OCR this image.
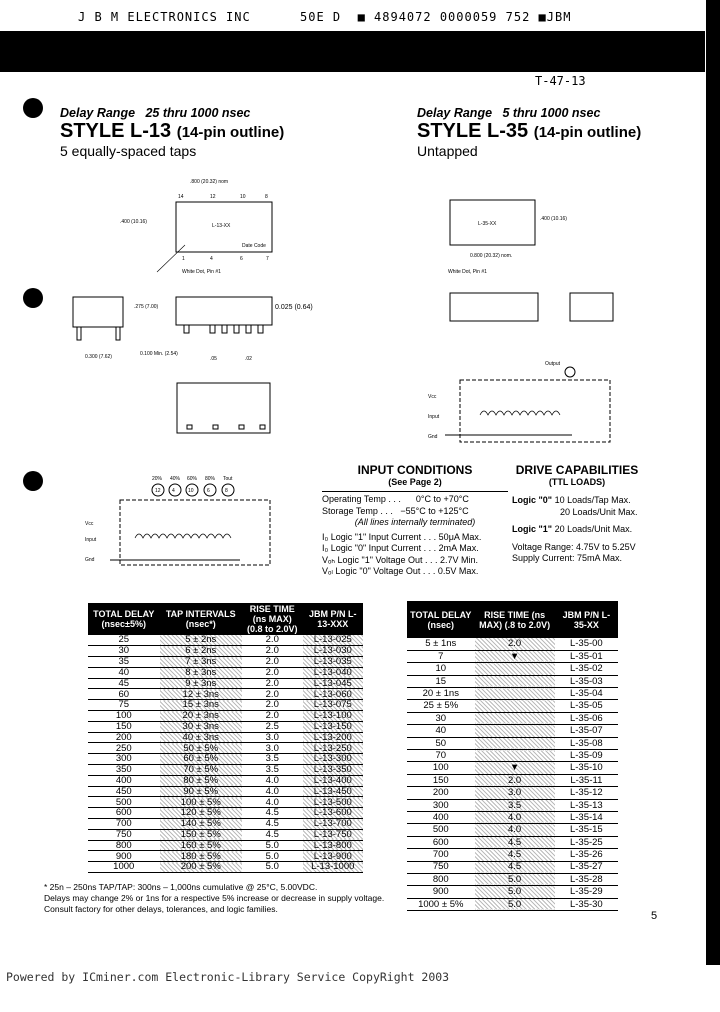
J B M ELECTRONICS INC	50E D  ■ 4894072 0000059 752 ■JBM
T-47-13
Delay Range   25 thru 1000 nsec
STYLE L-13 (14-pin outline)
5 equally-spaced taps
Delay Range   5 thru 1000 nsec
STYLE L-35 (14-pin outline)
Untapped
.800 (20.32) nom
14	12	10	8
1	4	6	7
L-13-XX
Date Code
.400 (10.16)
White Dot, Pin #1
0.300 (7.62)
.275 (7.00)	0.025 (0.64)
0.100 Min. (2.54)
.05	.02
20% 40% 60% 80% Tout
12 4	10	6	8
Vcc
Input
Gnd
L-35-XX
.400 (10.16)
0.800 (20.32) nom.
White Dot, Pin #1
Output
Vcc
Input
Gnd
INPUT CONDITIONS
(See Page 2)
Operating Temp . . .      0°C to +70°C
Storage Temp . . .   −55°C to +125°C
(All lines internally terminated)
I₀ Logic "1" Input Current . . . 50μA Max.
I₀ Logic "0" Input Current . . . 2mA Max.
Vₒₕ Logic "1" Voltage Out . . . 2.7V Min.
Vₒₗ Logic "0" Voltage Out . . . 0.5V Max.
DRIVE CAPABILITIES
(TTL LOADS)
Logic "0" 10 Loads/Tap Max.
20 Loads/Unit Max.
Logic "1" 20 Loads/Unit Max.
Voltage Range: 4.75V to 5.25V
Supply Current: 75mA Max.
TOTAL DELAY (nsec±5%)	TAP INTERVALS (nsec*)	RISE TIME (ns MAX) (0.8 to 2.0V)	JBM P/N L-13-XXX
25	5 ± 2ns	2.0	L-13-025
30	6 ± 2ns	2.0	L-13-030
35	7 ± 3ns	2.0	L-13-035
40	8 ± 3ns	2.0	L-13-040
45	9 ± 3ns	2.0	L-13-045
60	12 ± 3ns	2.0	L-13-060
75	15 ± 3ns	2.0	L-13-075
100	20 ± 3ns	2.0	L-13-100
150	30 ± 3ns	2.5	L-13-150
200	40 ± 3ns	3.0	L-13-200
250	50 ± 5%	3.0	L-13-250
300	60 ± 5%	3.5	L-13-300
350	70 ± 5%	3.5	L-13-350
400	80 ± 5%	4.0	L-13-400
450	90 ± 5%	4.0	L-13-450
500	100 ± 5%	4.0	L-13-500
600	120 ± 5%	4.5	L-13-600
700	140 ± 5%	4.5	L-13-700
750	150 ± 5%	4.5	L-13-750
800	160 ± 5%	5.0	L-13-800
900	180 ± 5%	5.0	L-13-900
1000	200 ± 5%	5.0	L-13-1000
TOTAL DELAY (nsec)	RISE TIME (ns MAX) (.8 to 2.0V)	JBM P/N L-35-XX
5 ± 1ns	2.0	L-35-00
7	▼	L-35-01
10		L-35-02
15		L-35-03
20 ± 1ns		L-35-04
25 ± 5%		L-35-05
30		L-35-06
40		L-35-07
50		L-35-08
70		L-35-09
100	▼	L-35-10
150	2.0	L-35-11
200	3.0	L-35-12
300	3.5	L-35-13
400	4.0	L-35-14
500	4.0	L-35-15
600	4.5	L-35-25
700	4.5	L-35-26
750	4.5	L-35-27
800	5.0	L-35-28
900	5.0	L-35-29
1000 ± 5%	5.0	L-35-30
* 25n – 250ns TAP/TAP: 300ns – 1,000ns cumulative @ 25°C, 5.00VDC.
Delays may change 2% or 1ns for a respective 5% increase or decrease in supply voltage.
Consult factory for other delays, tolerances, and logic families.
5
Powered by ICminer.com Electronic-Library Service CopyRight 2003
